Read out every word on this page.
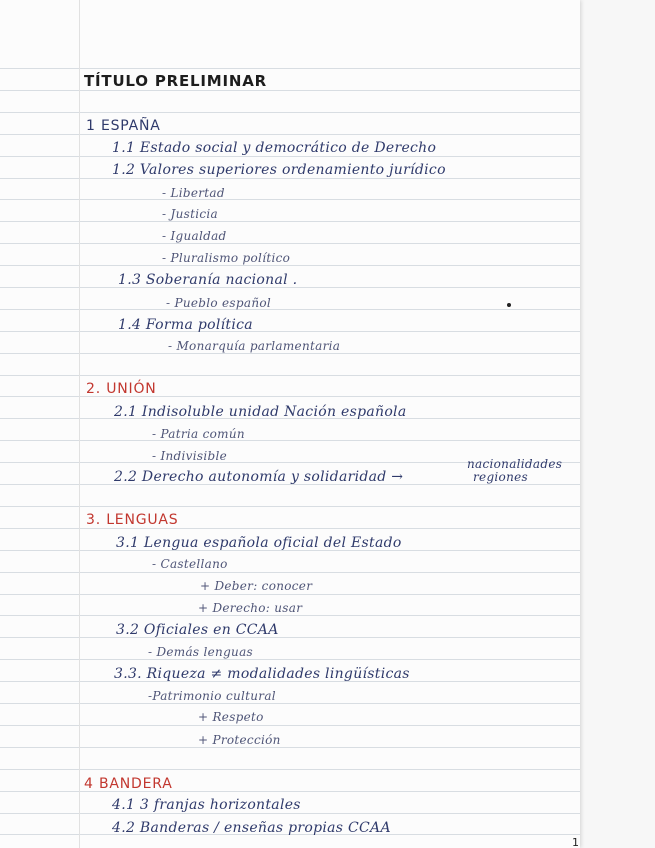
TÍTULO PRELIMINAR
1 ESPAÑA
1.1 Estado social y democrático de Derecho
1.2 Valores superiores ordenamiento jurídico
- Libertad
- Justicia
- Igualdad
- Pluralismo político
1.3 Soberanía nacional .
- Pueblo español
1.4 Forma política
- Monarquía parlamentaria
2. UNIÓN
2.1 Indisoluble unidad Nación española
- Patria común
- Indivisible
2.2 Derecho autonomía y solidaridad →
nacionalidades
regiones
3. LENGUAS
3.1 Lengua española oficial del Estado
- Castellano
+ Deber: conocer
+ Derecho: usar
3.2 Oficiales en CCAA
- Demás lenguas
3.3. Riqueza ≠ modalidades lingüísticas
-Patrimonio cultural
+ Respeto
+ Protección
4 BANDERA
4.1 3 franjas horizontales
4.2 Banderas / enseñas propias CCAA
1
